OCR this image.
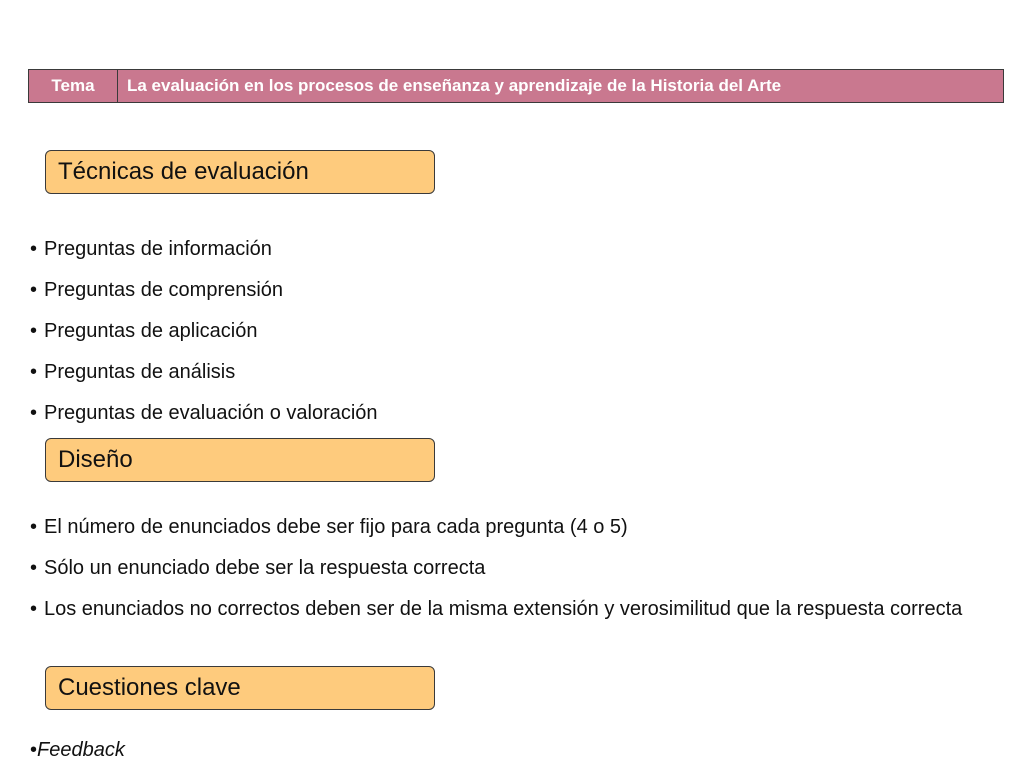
Tema	La evaluación en los procesos de enseñanza y aprendizaje de la Historia del Arte
Técnicas de evaluación
• Preguntas de información
• Preguntas de comprensión
• Preguntas de aplicación
• Preguntas de análisis
• Preguntas de evaluación o valoración
Diseño
• El número de enunciados debe ser fijo para cada pregunta (4 o 5)
• Sólo un enunciado debe ser la respuesta correcta
• Los enunciados no correctos deben ser de la misma extensión y verosimilitud que la respuesta correcta
Cuestiones clave
•Feedback
